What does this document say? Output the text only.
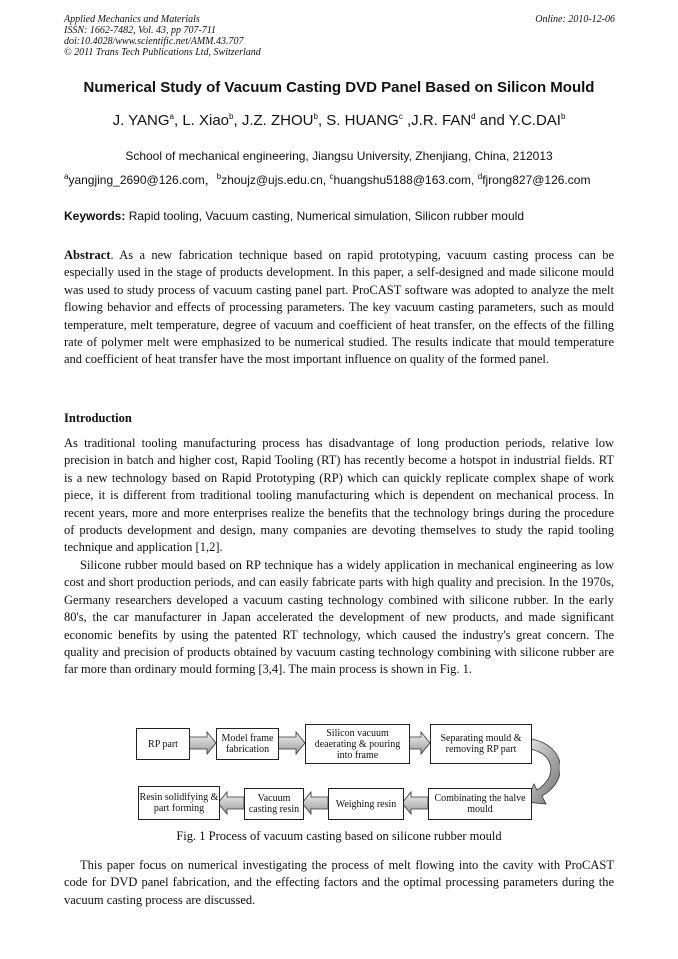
Applied Mechanics and Materials
ISSN: 1662-7482, Vol. 43, pp 707-711
doi:10.4028/www.scientific.net/AMM.43.707
© 2011 Trans Tech Publications Ltd, Switzerland
Online: 2010-12-06
Numerical Study of Vacuum Casting DVD Panel Based on Silicon Mould
J. YANG$^a$, L. Xiao$^b$, J.Z. ZHOU$^b$, S. HUANG$^c$ ,J.R. FAN$^d$ and Y.C.DAI$^b$
School of mechanical engineering, Jiangsu University, Zhenjiang, China, 212013
$^a$yangjing_2690@126.com，$^b$zhoujz@ujs.edu.cn, $^c$huangshu5188@163.com, $^d$fjrong827@126.com
Keywords: Rapid tooling, Vacuum casting, Numerical simulation, Silicon rubber mould
Abstract. As a new fabrication technique based on rapid prototyping, vacuum casting process can be especially used in the stage of products development. In this paper, a self-designed and made silicone mould was used to study process of vacuum casting panel part. ProCAST software was adopted to analyze the melt flowing behavior and effects of processing parameters. The key vacuum casting parameters, such as mould temperature, melt temperature, degree of vacuum and coefficient of heat transfer, on the effects of the filling rate of polymer melt were emphasized to be numerical studied. The results indicate that mould temperature and coefficient of heat transfer have the most important influence on quality of the formed panel.
Introduction
As traditional tooling manufacturing process has disadvantage of long production periods, relative low precision in batch and higher cost, Rapid Tooling (RT) has recently become a hotspot in industrial fields. RT is a new technology based on Rapid Prototyping (RP) which can quickly replicate complex shape of work piece, it is different from traditional tooling manufacturing which is dependent on mechanical process. In recent years, more and more enterprises realize the benefits that the technology brings during the procedure of products development and design, many companies are devoting themselves to study the rapid tooling technique and application [1,2].
Silicone rubber mould based on RP technique has a widely application in mechanical engineering as low cost and short production periods, and can easily fabricate parts with high quality and precision. In the 1970s, Germany researchers developed a vacuum casting technology combined with silicone rubber. In the early 80's, the car manufacturer in Japan accelerated the development of new products, and made significant economic benefits by using the patented RT technology, which caused the industry's great concern. The quality and precision of products obtained by vacuum casting technology combining with silicone rubber are far more than ordinary mould forming [3,4]. The main process is shown in Fig. 1.
RP part	Model frame fabrication
Silicon vacuum deaerating & pouring into frame
Separating mould & removing RP part
Resin solidifying & part forming
Vacuum casting resin	Weighing resin	Combinating the halve mould
Fig. 1 Process of vacuum casting based on silicone rubber mould
This paper focus on numerical investigating the process of melt flowing into the cavity with ProCAST code for DVD panel fabrication, and the effecting factors and the optimal processing parameters during the vacuum casting process are discussed.
